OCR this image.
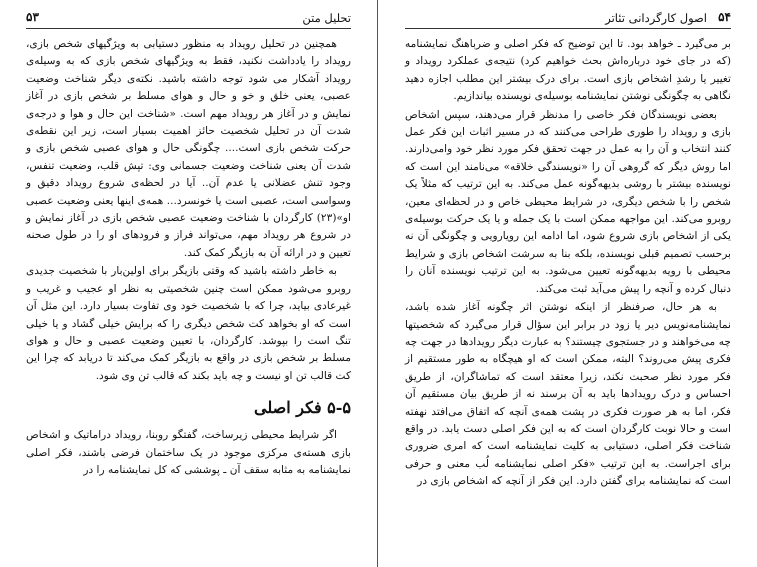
تحلیل متن
۵۳

همچنین در تحلیل رویداد به منظور دستیابی به ویژگیهای شخص بازی، رویداد را یادداشت نکنید، فقط به ویژگیهای شخص بازی که به وسیله‌ی رویداد آشکار می شود توجه داشته باشید. نکته‌ی دیگر شناخت وضعیت عصبی، یعنی خلق و خو و حال و هوای مسلط بر شخص بازی در آغاز نمایش و در آغاز هر رویداد مهم است. «شناخت این حال و هوا و درجه‌ی شدت آن در تحلیل شخصیت حائز اهمیت بسیار است، زیر این نقطه‌ی حرکت شخص بازی است.... چگونگی حال و هوای عصبی شخص بازی و شدت آن یعنی شناخت وضعیت جسمانی وی: تپش قلب، وضعیت تنفس، وجود تنش عضلانی یا عدم آن.. آیا در لحظه‌ی شروع رویداد دقیق و وسواسی است، عصبی است یا خونسرد... همه‌ی اینها یعنی وضعیت عصبی او»(۲۳) کارگردان با شناخت وضعیت عصبی شخص بازی در آغاز نمایش و در شروع هر رویداد مهم، می‌تواند فراز و فرودهای او را در طول صحنه تعیین و در ارائه آن به بازیگر کمک کند.

به خاطر داشته باشید که وقتی بازیگر برای اولین‌بار با شخصیت جدیدی روبرو می‌شود ممکن است چنین شخصیتی به نظر او عجیب و غریب و غیرعادی بیاید، چرا که با شخصیت خود وی تفاوت بسیار دارد. این مثل آن است که او بخواهد کت شخص دیگری را که برایش خیلی گشاد و یا خیلی تنگ است را بپوشد. کارگردان، با تعیین وضعیت عصبی و حال و هوای مسلط بر شخص بازی در واقع به بازیگر کمک می‌کند تا دریابد که چرا این کت قالب تن او نیست و چه باید بکند که قالب تن وی شود.

۵-۵ فکر اصلی

اگر شرایط محیطی زیرساخت، گفتگو روبنا، رویداد دراماتیک و اشخاص بازی هسته‌ی مرکزی موجود در یک ساختمان فرضی باشند، فکر اصلی نمایشنامه به مثابه سقف آن ـ پوششی که کل نمایشنامه را در

۵۴
اصول کارگردانی تئاتر

بر می‌گیرد ـ خواهد بود. تا این توضیح که فکر اصلی و ضرباهنگ نمایشنامه (که در جای خود درباره‌اش بحث خواهیم کرد) نتیجه‌ی عملکرد رویداد و تغییر یا رشدِ اشخاص بازی است. برای درک بیشتر این مطلب اجازه دهید نگاهی به چگونگی نوشتن نمایشنامه بوسیله‌ی نویسنده بیاندازیم.

بعضی نویسندگان فکر خاصی را مدنظر قرار می‌دهند، سپس اشخاص بازی و رویداد را طوری طراحی می‌کنند که در مسیر اثبات این فکر عمل کنند انتخاب و آن را به عمل در جهت تحقق فکر مورد نظر خود وامی‌دارند. اما روش دیگر که گروهی آن را «نویسندگی خلاقه» می‌نامند این است که نویسنده بیشتر با روشی بدیهه‌گونه عمل می‌کند. به این ترتیب که مثلاً یک شخص را با شخص دیگری، در شرایط محیطی خاص و در لحظه‌ای معین، روبرو می‌کند. این مواجهه ممکن است با یک جمله و یا یک حرکت بوسیله‌ی یکی از اشخاص بازی شروع شود، اما ادامه این رویارویی و چگونگی آن نه برحسب تصمیم قبلی نویسنده، بلکه بنا به سرشت اشخاص بازی و شرایط محیطی با رویه بدیهه‌گونه تعیین می‌شود. به این ترتیب نویسنده آنان را دنبال کرده و آنچه را پیش می‌آید ثبت می‌کند.

به هر حال، صرفنظر از اینکه نوشتن اثر چگونه آغاز شده باشد، نمایشنامه‌نویس دیر یا زود در برابر این سؤال قرار می‌گیرد که شخصیتها چه می‌خواهند و در جستجوی چیستند؟ به عبارت دیگر رویدادها در جهت چه فکری پیش می‌روند؟ البته، ممکن است که او هیچگاه به طور مستقیم از فکر مورد نظر صحبت نکند، زیرا معتقد است که تماشاگران، از طریق احساس و درک رویدادها باید به آن برسند نه از طریق بیان مستقیم آن فکر، اما به هر صورت فکری در پشت همه‌ی آنچه که اتفاق می‌افتد نهفته است و حالا نوبت کارگردان است که به این فکر اصلی دست یابد. در واقع شناخت فکر اصلی، دستیابی به کلیت نمایشنامه است که امری ضروری برای اجراست. به این ترتیب «فکر اصلی نمایشنامه لُب معنی و حرفی است که نمایشنامه برای گفتن دارد. این فکر از آنچه که اشخاص بازی در
